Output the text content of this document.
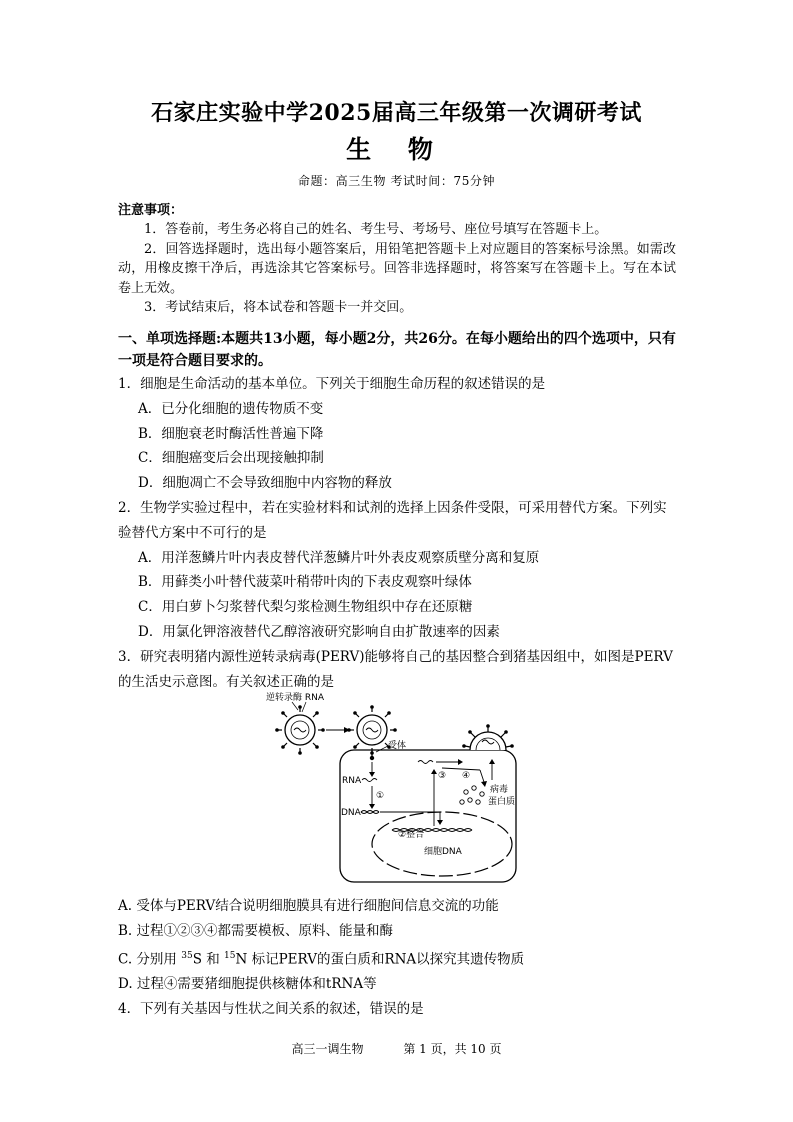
石家庄实验中学2025届高三年级第一次调研考试
生 物
命题：高三生物 考试时间：75分钟
注意事项：

1．答卷前，考生务必将自己的姓名、考生号、考场号、座位号填写在答题卡上。

2．回答选择题时，选出每小题答案后，用铅笔把答题卡上对应题目的答案标号涂黑。如需改动，用橡皮擦干净后，再选涂其它答案标号。回答非选择题时，将答案写在答题卡上。写在本试卷上无效。

3．考试结束后，将本试卷和答题卡一并交回。

一、单项选择题:本题共13小题，每小题2分，共26分。在每小题给出的四个选项中，只有一项是符合题目要求的。

1．细胞是生命活动的基本单位。下列关于细胞生命历程的叙述错误的是

A．已分化细胞的遗传物质不变

B．细胞衰老时酶活性普遍下降

C．细胞癌变后会出现接触抑制

D．细胞凋亡不会导致细胞中内容物的释放

2．生物学实验过程中，若在实验材料和试剂的选择上因条件受限，可采用替代方案。下列实验替代方案中不可行的是

A．用洋葱鳞片叶内表皮替代洋葱鳞片叶外表皮观察质壁分离和复原

B．用藓类小叶替代菠菜叶稍带叶肉的下表皮观察叶绿体

C．用白萝卜匀浆替代梨匀浆检测生物组织中存在还原糖

D．用氯化钾溶液替代乙醇溶液研究影响自由扩散速率的因素

3．研究表明猪内源性逆转录病毒(PERV)能够将自己的基因整合到猪基因组中，如图是PERV的生活史示意图。有关叙述正确的是

A. 受体与PERV结合说明细胞膜具有进行细胞间信息交流的功能

B. 过程①②③④都需要模板、原料、能量和酶

C. 分别用 $^{35}$S 和 $^{15}$N 标记PERV的蛋白质和RNA以探究其遗传物质

D. 过程④需要猪细胞提供核糖体和tRNA等

4．下列有关基因与性状之间关系的叙述，错误的是

逆转录酶 RNA
受体
RNA
①
DNA
②整合
细胞DNA
③ ④
病毒
蛋白质
高三一调生物	第 1 页，共 10 页
